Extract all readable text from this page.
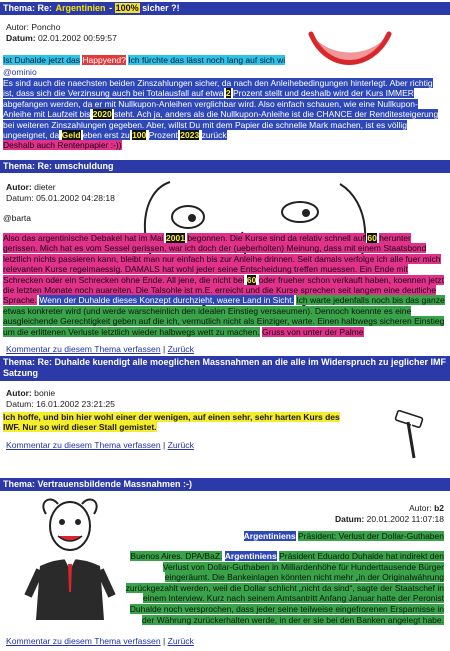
Thema: Re: Argentinien - 100% sicher ?!
Autor: Poncho
Datum: 02.01.2002 00:59:57
Ist Duhalde jetzt das Happyend? Ich fürchte das lässt noch lang auf sich wi
@ominio
Es sind auch die naechsten beiden Zinszahlungen sicher, da nach den Anleihebedingungen hinterlegt. Aber richtig ist, dass sich die Verzinsung auch bei Totalausfall auf etwa 2 Prozent stellt und deshalb wird der Kurs IMMER abgefangen werden, da er mit Nullkupon-Anleihen verglichbar wird. Also einfach schauen, wie eine Nullkupon-Anleihe mit Laufzeit bis 2020 steht. Ach ja, anders als die Nullkupon-Anleihe ist die CHANCE der Renditesteigerung bei weiteren Zinszahlungen gegeben. Aber, willst Du mit dem Papier die schnelle Mark machen, ist es völlig ungeeignet, da Geld eben erst zu 100 Prozent 2023 zurück
Deshalb auch Rentenpapier :-))
Thema: Re: umschuldung
Autor: dieter
Datum: 05.01.2002 04:28:18
@barta
Also das argentinische Debakel hat im Mai 2001 begonnen. Die Kurse sind da relativ schnell auf 60 herunter gerissen. Mich hat es vom Sessel gerissen, war ich doch der (ueberholten) Meinung, dass mit einem Staatsbond letztlich nichts passieren kann, bleibt man nur einfach bis zur Anleihe drinnen. Seit damals verfolge ich alle fuer mich relevanten Kurse regelmaessig. DAMALS hat wohl jeder seine Entscheidung treffen muessen. Ein Ende mit Schrecken oder ein Schrecken ohne Ende. All jene, die nicht bei 60 oder frueher schon verkauft haben, koennen jetzt die letzten Monate noch auareiten. Die Talsohle ist m.E. erreicht und die Kurse sprechen seit langem eine deutliche Sprache. Wenn der Duhalde dieses Konzept durchzieht, waere Land in Sicht. Ich warte jedenfalls noch bis das ganze etwas konkreter wird (und werde warscheinlich den idealen Einstieg versaeumen). Dennoch koennte es eine ausgleichende Gerechtigkeit geben auf die ich, vermutlich nicht als Einziger, warte. Einen halbwegs sicheren Einstieg um die erlittenen Verluste letztlich wieder halbwegs wett zu machen. Gruss von unter der Palme
Kommentar zu diesem Thema verfassen | Zurück
Thema: Re: Duhalde kuendigt alle moeglichen Massnahmen an die alle im Widerspruch zu jeglicher IMF Satzung
Autor: bonie
Datum: 16.01.2002 23:21:25
Ich hoffe, und bin hier wohl einer der wenigen, auf einen sehr, sehr harten Kurs des IWF. Nur so wird dieser Stall gemistet.
Kommentar zu diesem Thema verfassen | Zurück
Thema: Vertrauensbildende Massnahmen :-)
Autor: b2
Datum: 20.01.2002 11:07:18
Argentiniens Präsident: Verlust der Dollar-Guthaben
Buenos Aires. DPA/BaZ. Argentiniens Präsident Eduardo Duhalde hat indirekt den Verlust von Dollar-Guthaben in Milliardenhöhe für Hunderttausende Bürger eingeräumt. Die Bankeinlagen könnten nicht mehr „in der Originalwährung zurückgezahlt werden, weil die Dollar schlicht „nicht da sind“, sagte der Staatschef in einem Interview. Kurz nach seinem Amtsantritt Anfang Januar hatte der Peronist Duhalde noch versprochen, dass jeder seine teilweise eingefrorenen Ersparnisse in der Währung zurückerhalten werde, in der er sie bei den Banken angelegt habe.
Kommentar zu diesem Thema verfassen | Zurück
